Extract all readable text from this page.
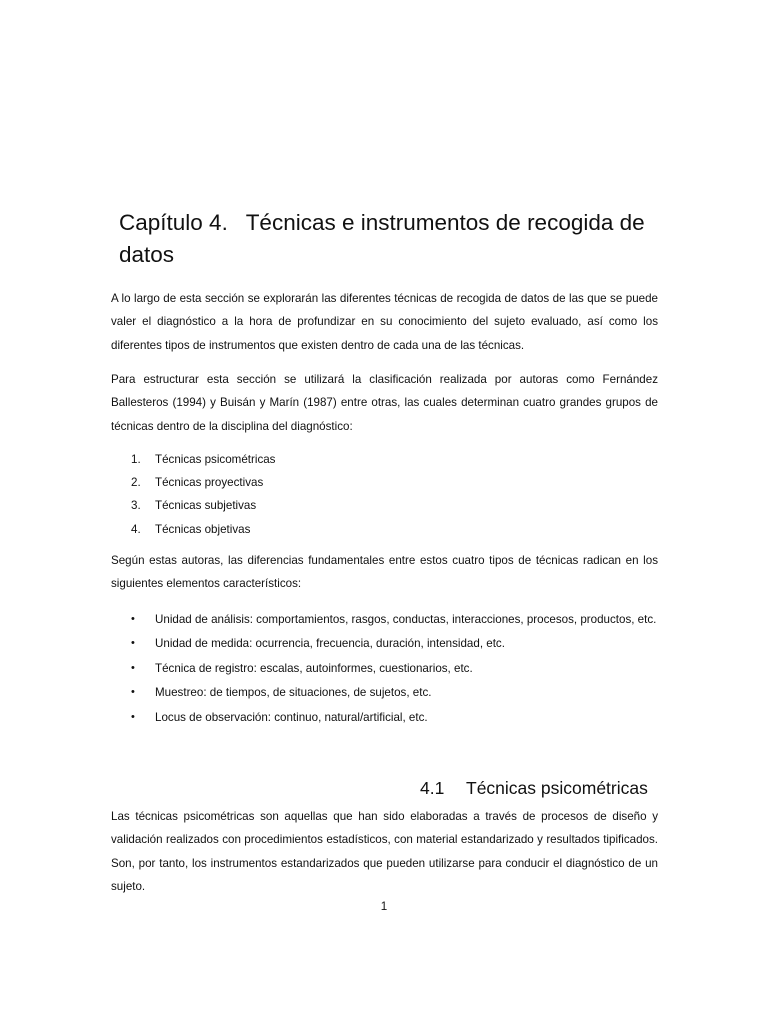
Capítulo 4. Técnicas e instrumentos de recogida de datos

A lo largo de esta sección se explorarán las diferentes técnicas de recogida de datos de las que se puede valer el diagnóstico a la hora de profundizar en su conocimiento del sujeto evaluado, así como los diferentes tipos de instrumentos que existen dentro de cada una de las técnicas.

Para estructurar esta sección se utilizará la clasificación realizada por autoras como Fernández Ballesteros (1994) y Buisán y Marín (1987) entre otras, las cuales determinan cuatro grandes grupos de técnicas dentro de la disciplina del diagnóstico:

1. Técnicas psicométricas
2. Técnicas proyectivas
3. Técnicas subjetivas
4. Técnicas objetivas

Según estas autoras, las diferencias fundamentales entre estos cuatro tipos de técnicas radican en los siguientes elementos característicos:

• Unidad de análisis: comportamientos, rasgos, conductas, interacciones, procesos, productos, etc.
• Unidad de medida: ocurrencia, frecuencia, duración, intensidad, etc.
• Técnica de registro: escalas, autoinformes, cuestionarios, etc.
• Muestreo: de tiempos, de situaciones, de sujetos, etc.
• Locus de observación: continuo, natural/artificial, etc.
4.1 Técnicas psicométricas

Las técnicas psicométricas son aquellas que han sido elaboradas a través de procesos de diseño y validación realizados con procedimientos estadísticos, con material estandarizado y resultados tipificados. Son, por tanto, los instrumentos estandarizados que pueden utilizarse para conducir el diagnóstico de un sujeto.

1
